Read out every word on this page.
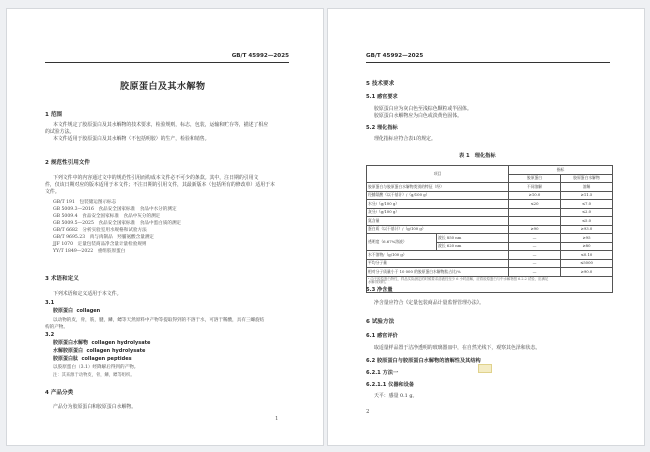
GB/T 45992—2025
胶原蛋白及其水解物
1 范围
本文件规定了胶原蛋白及其水解物的技术要求，检验规则，标志，包装，运输和贮存等，描述了相应
的试验方法。
本文件适用于胶原蛋白及其水解物（不包括明胶）的生产，检验和销售。
2 规范性引用文件
下列文件中的内容通过文中的规范性引用而构成本文件必不可少的条款。其中，注日期的引用文
件，仅该日期对应的版本适用于本文件；不注日期的引用文件，其最新版本（包括所有的修改单）适用于本
文件。
GB/T 191　包装储运图示标志
GB 5009.3—2016　食品安全国家标准　食品中水分的测定
GB 5009.4　食品安全国家标准　食品中灰分的测定
GB 5009.5—2025　食品安全国家标准　食品中蛋白质的测定
GB/T 6682　分析实验室用水规格和试验方法
GB/T 9695.23　肉与肉制品　羟脯氨酸含量测定
JJF 1070　定量包装商品净含量计量检验规则
YY/T 1849—2022　重组胶原蛋白
3 术语和定义
下列术语和定义适用于本文件。
3.1
胶原蛋白 collagen
以动物的皮，骨，筋，腱，鳞，鳔等天然原料中产物等提取得到的不溶于水，可溶于稀酸，具有三螺旋结
构的产物。
3.2
胶原蛋白水解物 collagen hydrolysate
水解胶原蛋白 collagen hydrolysate
胶原蛋白肽 collagen peptides
以胶原蛋白（3.1）经降解后得到的产物。
注：其来源于动物皮，骨，鳞，鳔等组织。
4 产品分类
产品分为胶原蛋白和胶原蛋白水解物。
1
GB/T 45992—2025
5 技术要求
5.1 感官要求
胶原蛋白应为灰白色至浅棕色颗粒或半固体。
胶原蛋白水解物应为白色或淡黄色固体。
5.2 理化指标
理化指标应符合表1的规定。
表 1　理化指标
项目		指标	
		胶原蛋白	胶原蛋白水解物
胶原蛋白与胶原蛋白水解物类别的特征（经）		不同溶解	溶解
羟脯氨酸（以干基计）/（g/100 g）		≥10.0	≥11.5
水分/（g/100 g）		≤20	≤7.0
灰分/（g/100 g）			≤2.0
氮含量			≤5.0
蛋白质（以干基计）/（g/100 g）		≥90	≥93.0
透明度（6.67%溶液）	波长 850 nm	—	≥95
	波长 620 nm	—	≥80
水不溶物/（g/100 g）		—	≤0.10
平均分子量		—	≤5000
相对分子质量小于 10 000 的胶原蛋白水解物肽占比/%		—	≥90.0

ᵃ 由于胶原蛋白特性，样品实际测定的时候要求溶液经至少 6 小时溶解，应将胶原蛋白与中水解物按 6.2.2 试验，应满足
水解得到的。			
5.3 净含量
净含量应符合《定量包装商品计量监督管理办法》。
6 试验方法
6.1 感官评价
取适量样品置于洁净透明的玻璃器皿中，在自然光线下，观察其色泽和状态。
6.2 胶原蛋白与胶原蛋白水解物的溶解性及其结构
6.2.1 方法一
6.2.1.1 仪器和设备
天平：感量 0.1 g。
2
